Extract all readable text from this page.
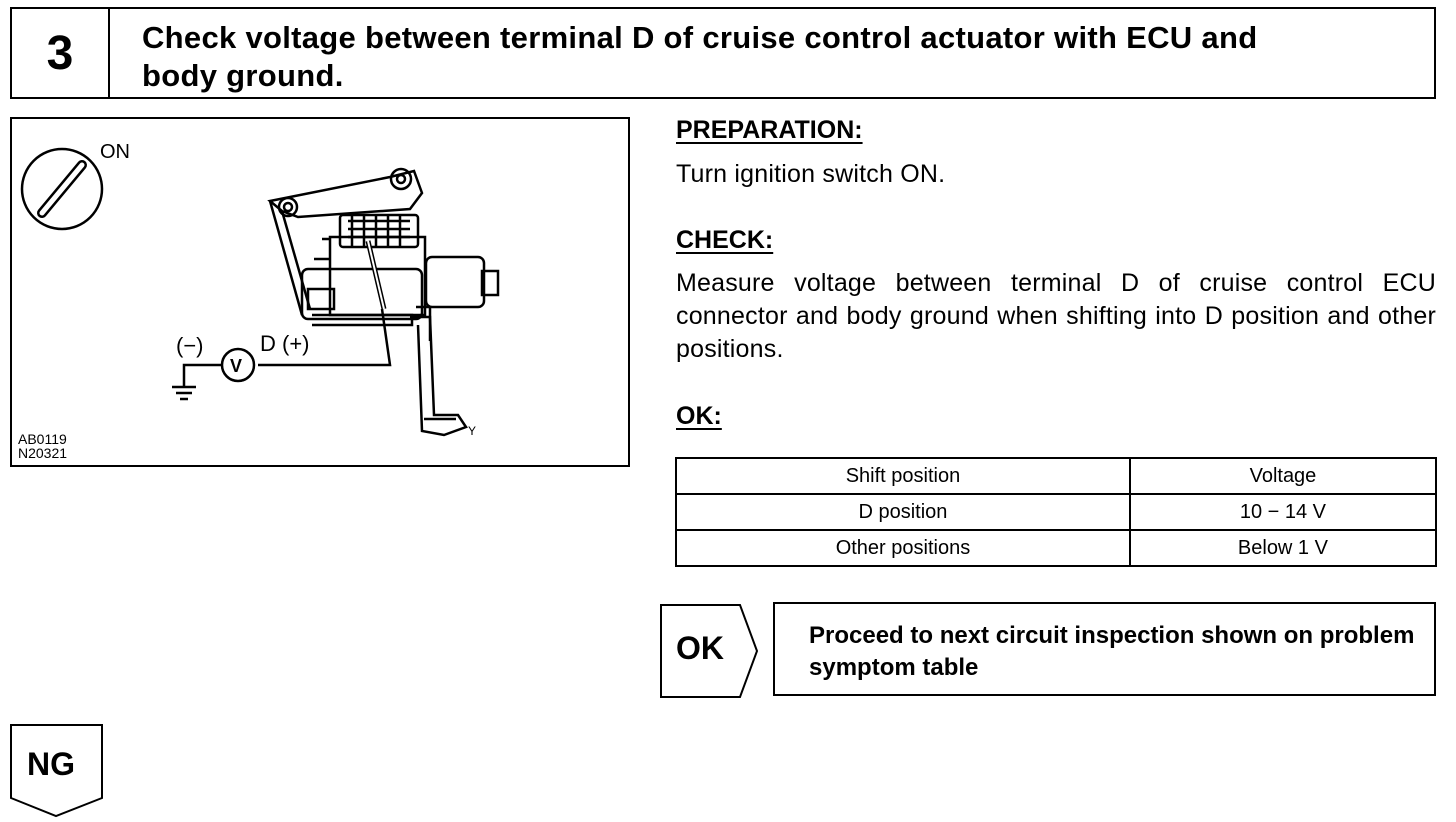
3	Check voltage between terminal D of cruise control actuator with ECU and
body ground.
ON
(−)
V
D (+)
Y
AB0119
N20321
PREPARATION:
Turn ignition switch ON.
CHECK:
Measure voltage between terminal D of cruise control ECU connector and body ground when shifting into D position and other positions.
OK:
Shift position	Voltage
D position	10 − 14 V
Other positions	Below 1 V
OK	Proceed to next circuit inspection shown on problem symptom table
NG
